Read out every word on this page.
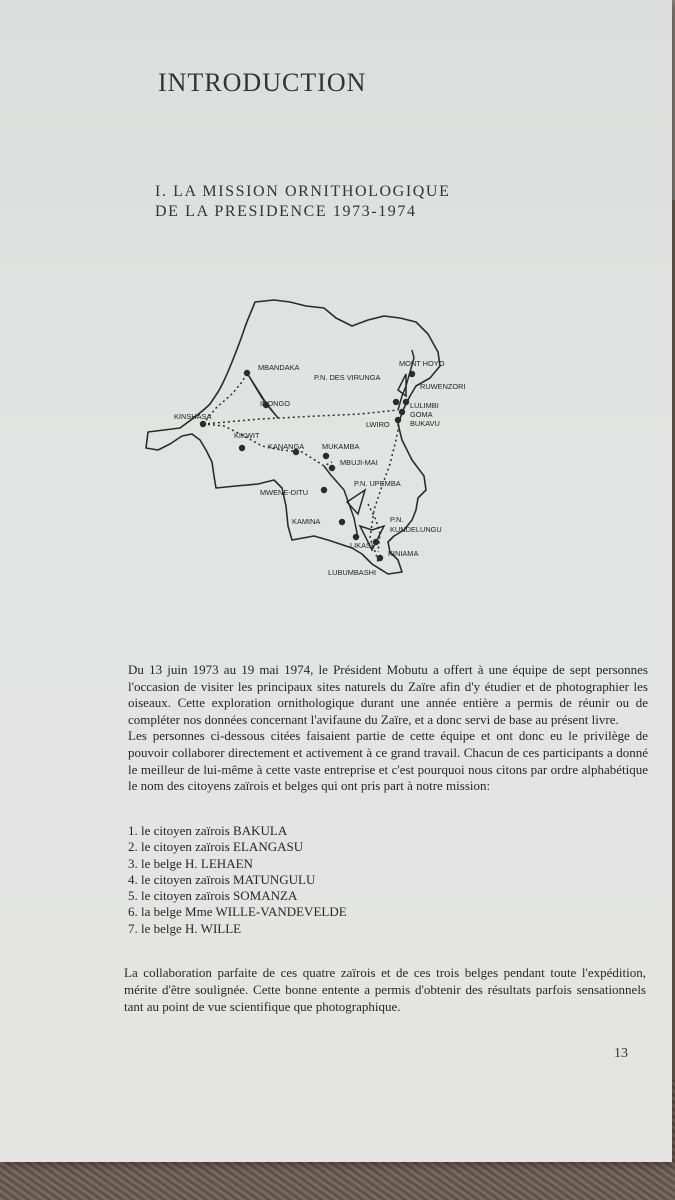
INTRODUCTION
I. LA MISSION ORNITHOLOGIQUE
DE LA PRESIDENCE 1973-1974
MONT HOYO
RUWENZORI
P.N. DES VIRUNGA
MBANDAKA
LULIMBI
GOMA
INONGO
LWIRO	BUKAVU
KINSHASA
KIKWIT
KANANGA MUKAMBA
MBUJI-MAI
P.N. UPEMBA
MWENE-DITU
KAMINA	P.N.
KUNDELUNGU
LIKASI
KINIAMA
LUBUMBASHI

Du 13 juin 1973 au 19 mai 1974, le Président Mobutu a offert à une équipe de sept personnes l'occasion de visiter les principaux sites naturels du Zaïre afin d'y étudier et de photographier les oiseaux. Cette exploration ornithologique durant une année entière a permis de réunir ou de compléter nos données concernant l'avifaune du Zaïre, et a donc servi de base au présent livre.

Les personnes ci-dessous citées faisaient partie de cette équipe et ont donc eu le privilège de pouvoir collaborer directement et activement à ce grand travail. Chacun de ces participants a donné le meilleur de lui-même à cette vaste entreprise et c'est pourquoi nous citons par ordre alphabétique le nom des citoyens zaïrois et belges qui ont pris part à notre mission:

1. le citoyen zaïrois BAKULA
2. le citoyen zaïrois ELANGASU
3. le belge H. LEHAEN
4. le citoyen zaïrois MATUNGULU
5. le citoyen zaïrois SOMANZA
6. la belge Mme WILLE-VANDEVELDE
7. le belge H. WILLE

La collaboration parfaite de ces quatre zaïrois et de ces trois belges pendant toute l'expédition, mérite d'être soulignée. Cette bonne entente a permis d'obtenir des résultats parfois sensationnels tant au point de vue scientifique que photographique.

13
